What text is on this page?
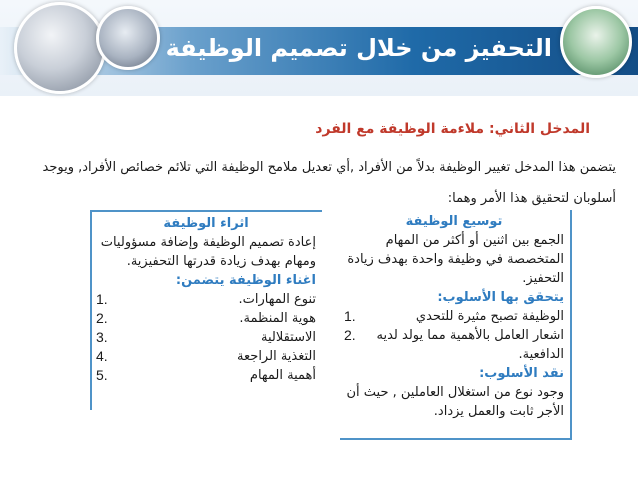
التحفيز من خلال تصميم الوظيفة
المدخل الثاني: ملاءمة الوظيفة مع الفرد

يتضمن هذا المدخل تغيير الوظيفة بدلاً من الأفراد ,أي تعديل ملامح الوظيفة التي تلائم خصائص الأفراد, ويوجد أسلوبان لتحقيق هذا الأمر وهما:

توسيع الوظيفة

الجمع بين اثنين أو أكثر من المهام المتخصصة في وظيفة واحدة بهدف زيادة التحفيز.

يتحقق بها الأسلوب:

الوظيفة تصبح مثيرة للتحدي
1.
اشعار العامل بالأهمية مما يولد لديه الدافعية.
2.

نقد الأسلوب:

وجود نوع من استغلال العاملين , حيث أن الأجر ثابت والعمل يزداد.

اثراء الوظيفة

إعادة تصميم الوظيفة وإضافة مسؤوليات ومهام بهدف زيادة قدرتها التحفيزية.

اغناء الوظيفة يتضمن:

تنوع المهارات.
1.
هوية المنظمة.
2.
الاستقلالية
3.
التغذية الراجعة
4.
أهمية المهام
5.
